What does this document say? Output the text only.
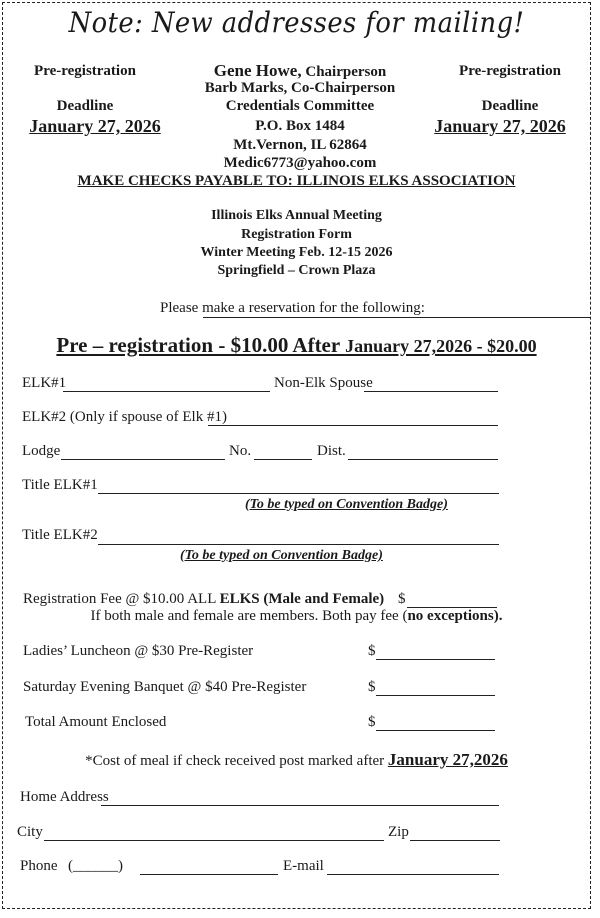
Note: New addresses for mailing!
Pre-registration
Deadline
January 27, 2026
Pre-registration
Deadline
January 27, 2026
Gene Howe, Chairperson
Barb Marks, Co-Chairperson
Credentials Committee
P.O. Box 1484
Mt.Vernon, IL 62864
Medic6773@yahoo.com
MAKE CHECKS PAYABLE TO: ILLINOIS ELKS ASSOCIATION
Illinois Elks Annual Meeting
Registration Form
Winter Meeting Feb. 12-15 2026
Springfield – Crown Plaza
Please make a reservation for the following:
Pre – registration - $10.00 After January 27,2026 - $20.00
ELK#1	Non-Elk Spouse
ELK#2 (Only if spouse of Elk #1)
Lodge	No.	Dist.
Title ELK#1
(To be typed on Convention Badge)
Title ELK#2
(To be typed on Convention Badge)
Registration Fee @ $10.00 ALL ELKS (Male and Female) $
If both male and female are members. Both pay fee (no exceptions).
Ladies’ Luncheon @ $30 Pre-Register	$
Saturday Evening Banquet @ $40 Pre-Register	$
Total Amount Enclosed	$
*Cost of meal if check received post marked after January 27,2026
Home Address
City	Zip
Phone (______)	E-mail
